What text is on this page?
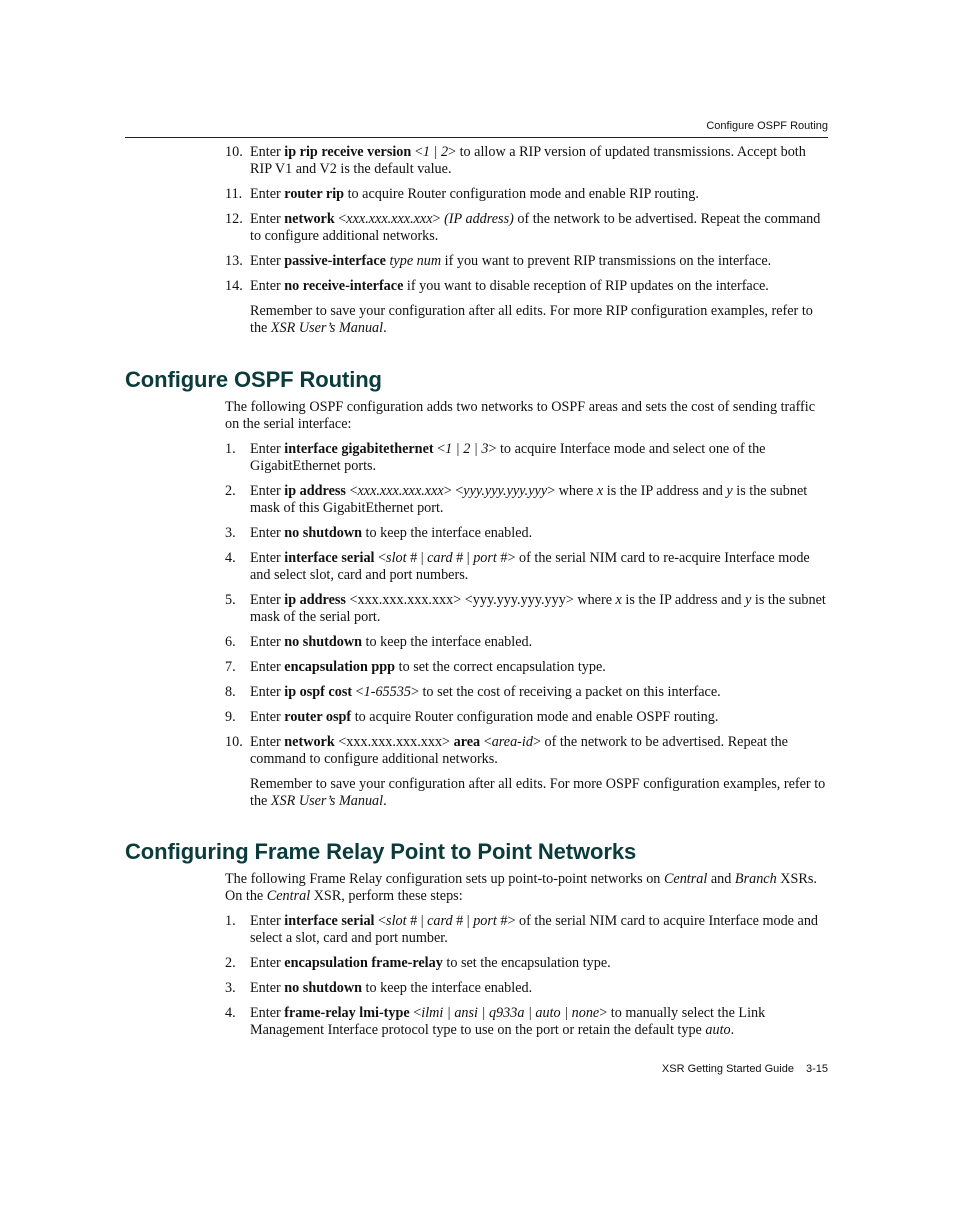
Configure OSPF Routing
10. Enter ip rip receive version <1 | 2> to allow a RIP version of updated transmissions. Accept both RIP V1 and V2 is the default value.
11. Enter router rip to acquire Router configuration mode and enable RIP routing.
12. Enter network <xxx.xxx.xxx.xxx> (IP address) of the network to be advertised. Repeat the command to configure additional networks.
13. Enter passive-interface type num if you want to prevent RIP transmissions on the interface.
14. Enter no receive-interface if you want to disable reception of RIP updates on the interface.

Remember to save your configuration after all edits. For more RIP configuration examples, refer to the XSR User’s Manual.

Configure OSPF Routing

The following OSPF configuration adds two networks to OSPF areas and sets the cost of sending traffic on the serial interface:

1.	Enter interface gigabitethernet <1 | 2 | 3> to acquire Interface mode and select one of the GigabitEthernet ports.
2.	Enter ip address <xxx.xxx.xxx.xxx> <yyy.yyy.yyy.yyy> where x is the IP address and y is the subnet mask of this GigabitEthernet port.
3.	Enter no shutdown to keep the interface enabled.
4.	Enter interface serial <slot # | card # | port #> of the serial NIM card to re-acquire Interface mode and select slot, card and port numbers.
5.	Enter ip address <xxx.xxx.xxx.xxx> <yyy.yyy.yyy.yyy> where x is the IP address and y is the subnet mask of the serial port.
6.	Enter no shutdown to keep the interface enabled.
7.	Enter encapsulation ppp to set the correct encapsulation type.
8.	Enter ip ospf cost <1-65535> to set the cost of receiving a packet on this interface.
9.	Enter router ospf to acquire Router configuration mode and enable OSPF routing.
10. Enter network <xxx.xxx.xxx.xxx> area <area-id> of the network to be advertised. Repeat the command to configure additional networks.

Remember to save your configuration after all edits. For more OSPF configuration examples, refer to the XSR User’s Manual.

Configuring Frame Relay Point to Point Networks

The following Frame Relay configuration sets up point-to-point networks on Central and Branch XSRs. On the Central XSR, perform these steps:

1.	Enter interface serial <slot # | card # | port #> of the serial NIM card to acquire Interface mode and select a slot, card and port number.
2.	Enter encapsulation frame-relay to set the encapsulation type.
3.	Enter no shutdown to keep the interface enabled.
4.	Enter frame-relay lmi-type <ilmi | ansi | q933a | auto | none> to manually select the Link Management Interface protocol type to use on the port or retain the default type auto.
XSR Getting Started Guide 3-15
